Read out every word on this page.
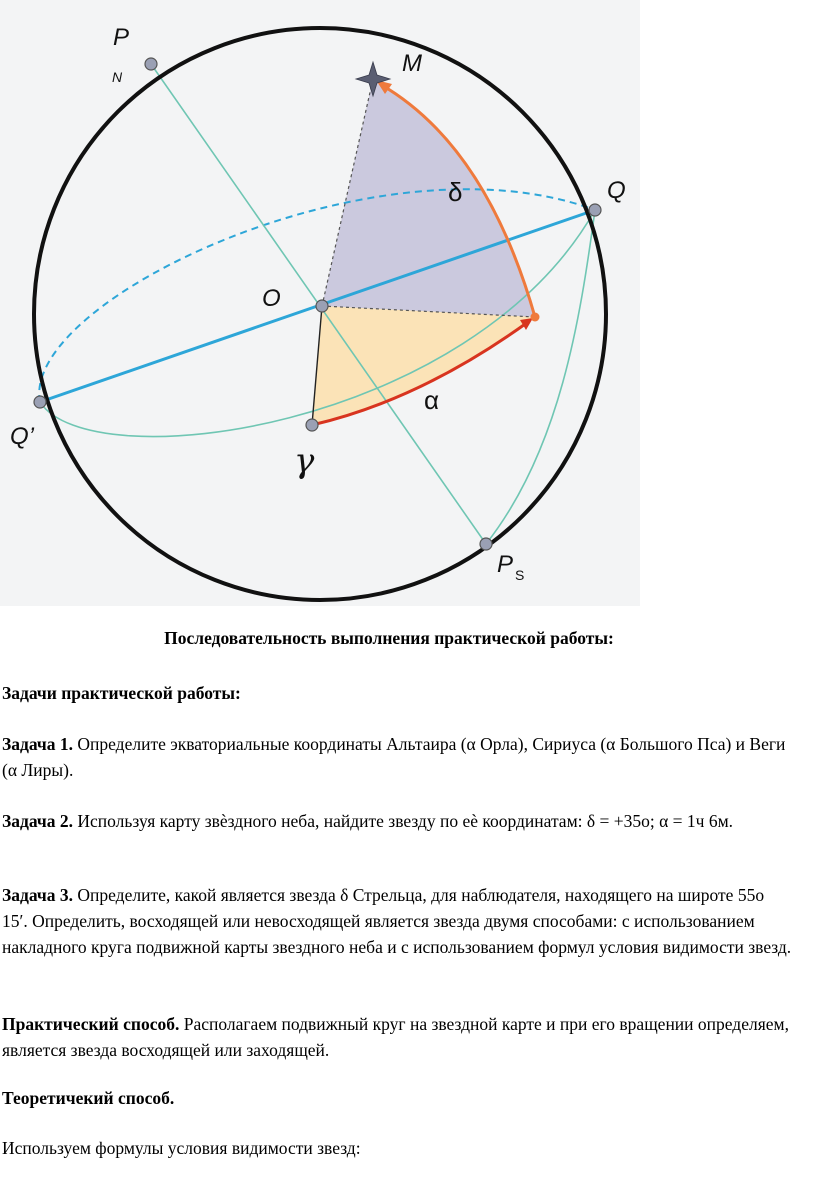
P
N	M
δ	Q
O
Q’
α
γ
P S
Последовательность выполнения практической работы:

Задачи практической работы:

Задача 1. Определите экваториальные координаты Альтаира (α Орла), Сириуса (α Большого Пса) и Веги (α Лиры).

Задача 2. Используя карту звѐздного неба, найдите звезду по еѐ координатам: δ = +35о; α = 1ч 6м.

Задача 3. Определите, какой является звезда δ Стрельца, для наблюдателя, находящего на широте 55о 15′. Определить, восходящей или невосходящей является звезда двумя способами: с использованием накладного круга подвижной карты звездного неба и с использованием формул условия видимости звезд.

Практический способ. Располагаем подвижный круг на звездной карте и при его вращении определяем, является звезда восходящей или заходящей.

Теоретичекий способ.

Используем формулы условия видимости звезд:
